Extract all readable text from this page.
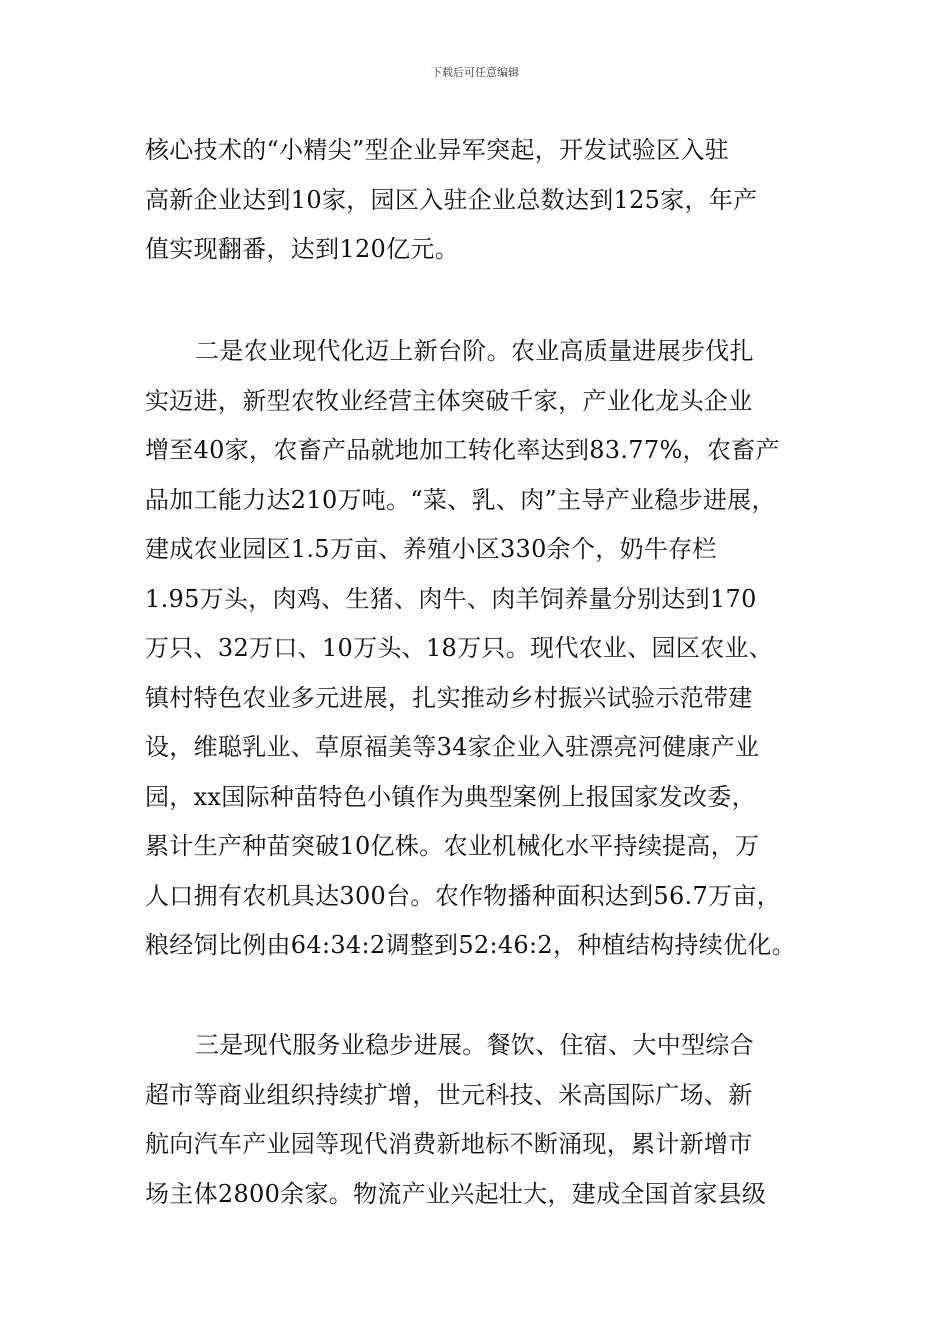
下载后可任意编辑
核心技术的“小精尖”型企业异军突起，开发试验区入驻
高新企业达到10家，园区入驻企业总数达到125家，年产
值实现翻番，达到120亿元。
二是农业现代化迈上新台阶。农业高质量进展步伐扎
实迈进，新型农牧业经营主体突破千家，产业化龙头企业
增至40家，农畜产品就地加工转化率达到83.77%，农畜产
品加工能力达210万吨。“菜、乳、肉”主导产业稳步进展，
建成农业园区1.5万亩、养殖小区330余个，奶牛存栏
1.95万头，肉鸡、生猪、肉牛、肉羊饲养量分别达到170
万只、32万口、10万头、18万只。现代农业、园区农业、
镇村特色农业多元进展，扎实推动乡村振兴试验示范带建
设，维聪乳业、草原福美等34家企业入驻漂亮河健康产业
园，xx国际种苗特色小镇作为典型案例上报国家发改委，
累计生产种苗突破10亿株。农业机械化水平持续提高，万
人口拥有农机具达300台。农作物播种面积达到56.7万亩，
粮经饲比例由64:34:2调整到52:46:2，种植结构持续优化。
三是现代服务业稳步进展。餐饮、住宿、大中型综合
超市等商业组织持续扩增，世元科技、米高国际广场、新
航向汽车产业园等现代消费新地标不断涌现，累计新增市
场主体2800余家。物流产业兴起壮大，建成全国首家县级
